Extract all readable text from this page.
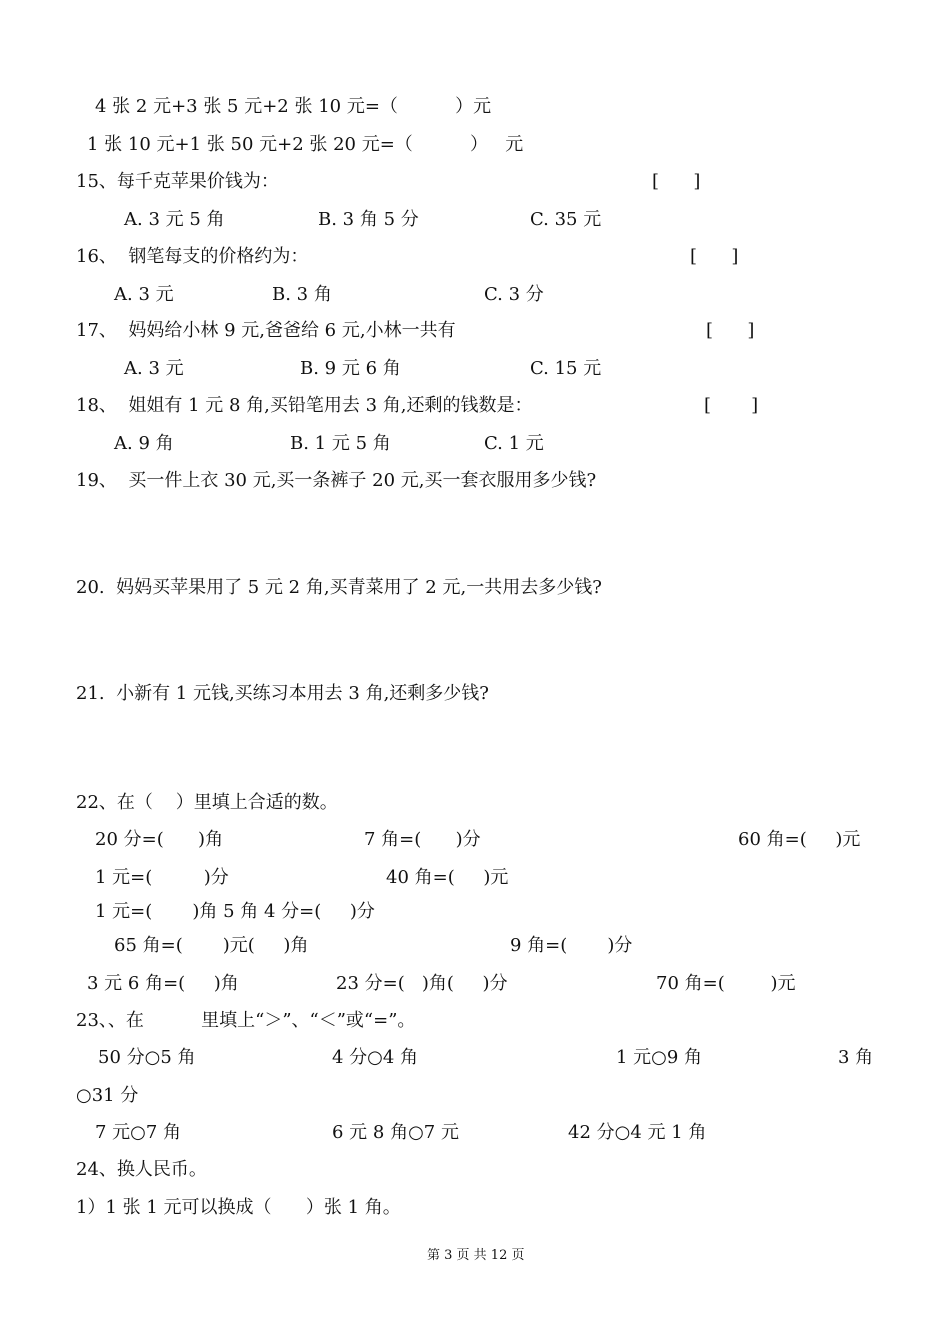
4 张 2 元+3 张 5 元+2 张 10 元=（          ）元
1 张 10 元+1 张 50 元+2 张 20 元=（          ）   元
15、每千克苹果价钱为：	[      ]
A. 3 元 5 角	B. 3 角 5 分	C. 35 元
16、  钢笔每支的价格约为：	[      ]
A. 3 元	B. 3 角	C. 3 分
17、  妈妈给小林 9 元,爸爸给 6 元,小林一共有	[      ]
A. 3 元	B. 9 元 6 角	C. 15 元
18、  姐姐有 1 元 8 角,买铅笔用去 3 角,还剩的钱数是：	[       ]
A. 9 角	B. 1 元 5 角	C. 1 元
19、  买一件上衣 30 元,买一条裤子 20 元,买一套衣服用多少钱?
20.  妈妈买苹果用了 5 元 2 角,买青菜用了 2 元,一共用去多少钱?
21.  小新有 1 元钱,买练习本用去 3 角,还剩多少钱?
22、在（    ）里填上合适的数。
20 分=(      )角	7 角=(      )分	60 角=(     )元
1 元=(         )分	40 角=(     )元
1 元=(       )角 5 角 4 分=(     )分
65 角=(       )元(     )角	9 角=(       )分
3 元 6 角=(     )角	23 分=(   )角(     )分	70 角=(        )元
23、、在          里填上“＞”、“＜”或“=”。
50 分○5 角	4 分○4 角	1 元○9 角	3 角
○31 分
7 元○7 角	6 元 8 角○7 元	42 分○4 元 1 角
24、换人民币。
1）1 张 1 元可以换成（      ）张 1 角。
第 3 页 共 12 页
